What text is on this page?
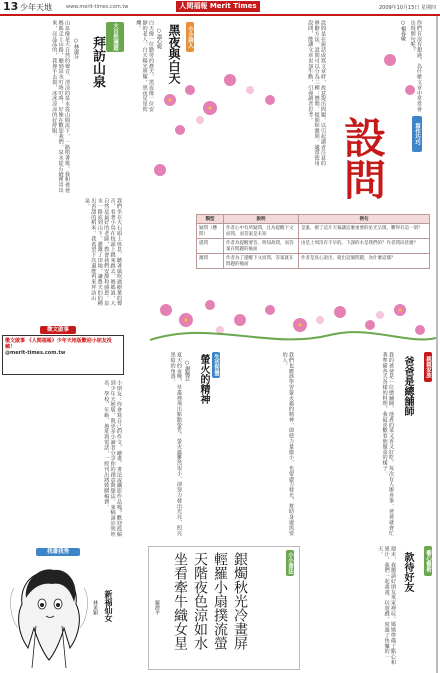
13 少年天地	www.merit-times.com.tw	人間福報 Merit Times	2009年10月15日 星期四
大自然漫遊
拜訪山泉
○林淑芬
山泉像是大自然的聲音，清涼的泉水從山間流下，一路唱著歌。我和爸爸媽媽走上山路，聽到泉水叮咚叮咚，好像在歡迎我們。泉水從石縫裡冒出來，亮晶晶的，我伸手去摸，冰冰涼涼的好舒服。
我們坐在大石頭上休息，聽著風吹過樹葉的聲音，看著小鳥在枝頭上跳來跳去。媽媽說，大自然是最好的老師，教會我們安靜和感恩。泉水一路流到山下，灌溉了田地，讓農夫伯伯種出香甜的稻米。我希望下次還能再來拜訪山泉。
徵文啟事
徵文啟事 《人間福報》少年天地版歡迎小朋友投稿！
@merit-times.com.tw
小朋友：你會寫自己的作文、繪畫、書法或攝影作品嗎？歡迎投稿到少年天地版，與更多小讀者分享你的創意與想法。來稿請註明姓名、學校、年級、地址與電話，一經刊出將致贈稿費。
我畫我秀
新福仙女
林采穎
小小詩人
黑夜與白天
○溫心妮
白天像一位勤勞的農夫，黑夜像一位安靜的老人。白天陽光照耀，黑夜星星閃爍。
寫作巧巧
設問
設問是在說話或寫文章時，故意提出問題，以引起讀者注意的修辭方法。設問可以分為三種：懸問、提問和激問。適當使用設問，能讓文章更加生動，引發讀者思考。	你們有沒有想過，為什麼文章中常常會出現問句呢？
○楊春敏
類型	說明	例句
疑問（懸問）	作者心中有所疑問，且為提醒下文而問，而答案是未知	是誰，撥了這片天幕讓這麼重要的星光呈現，難得有這一刻？
提問	作者為提醒要答，明知故問，而答案在問題的後面	由是上周沒有不早的。下課的水是我們的？作者問向甚麼？
激問	作者為了提醒下文而問，答案就在問題的後面	作者是真心說出，就出這個問題，為什麼這樣？
生活智慧
螢火的精神
○謝佩芸
夏天的夜晚，草叢裡飛出點點螢光。螢火蟲雖然很小，卻努力發出光亮，照亮黑暗的角落。	我們也應該學習螢火蟲的精神，即使力量微小，也要盡力發光，幫助身邊需要的人。	親親家族
爸爸是總舖師
我的爸爸是一位總舖師，他煮的菜又香又好吃。每次有人辦喜事，爸爸就會忙著準備各式各樣的料理，我最喜歡看他做菜的樣子。
小小書法
銀燭秋光冷畫屏 輕羅小扇撲流螢 天階夜色涼如水 坐看牽牛織女星
羅濟平
藝心藝術
款待好友
週末，我邀請好朋友來家裡玩。媽媽準備了點心和果汁，我們一起畫畫、玩遊戲，度過了快樂的一天。
